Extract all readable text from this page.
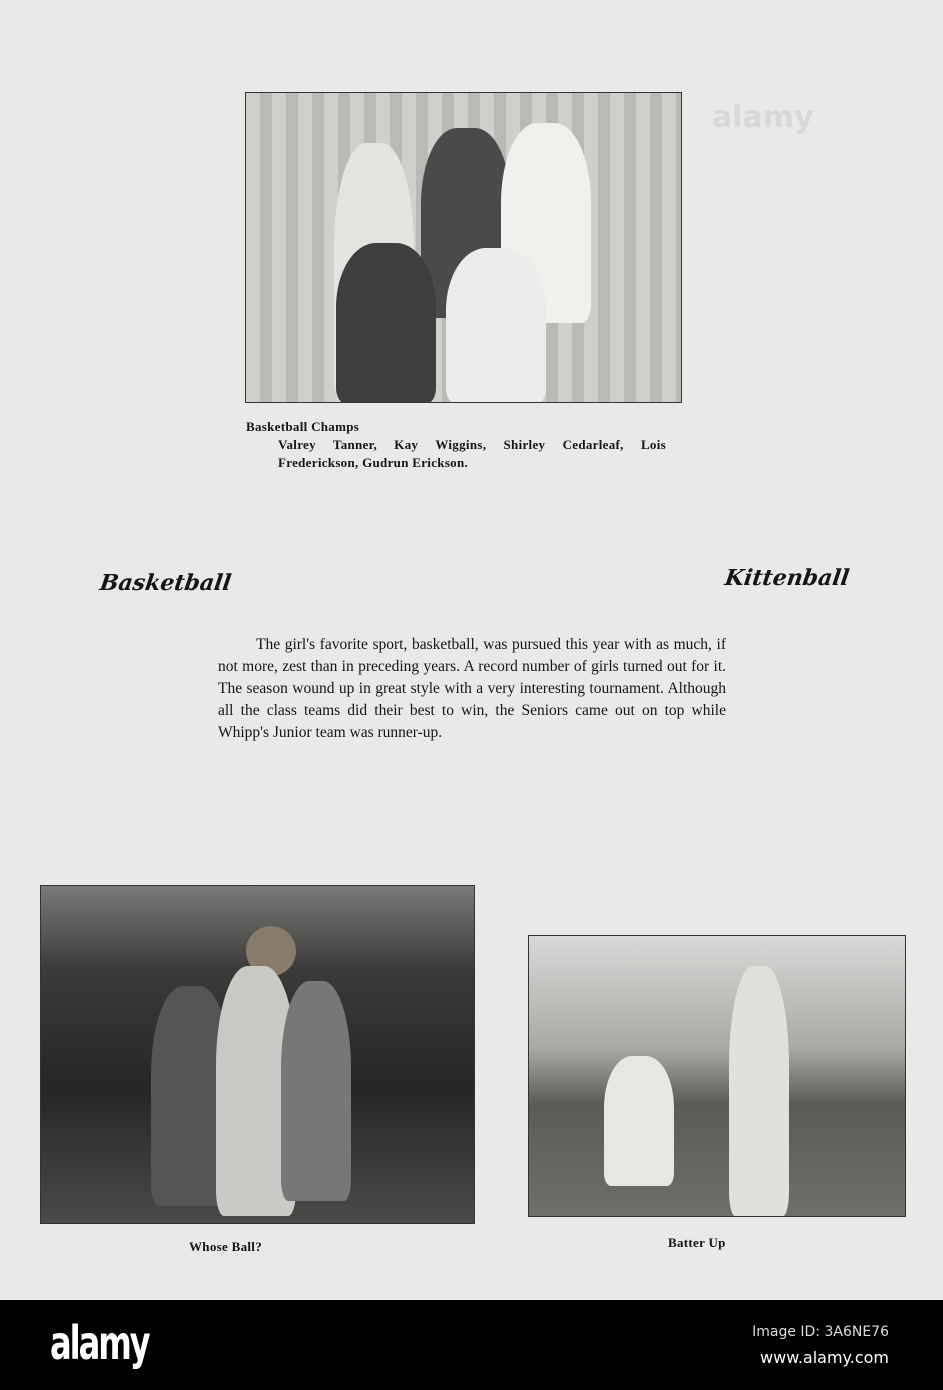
Basketball Champs
Valrey Tanner, Kay Wiggins, Shirley Cedarleaf, Lois Frederickson, Gudrun Erickson.
Basketball	Kittenball
The girl's favorite sport, basketball, was pursued this year with as much, if not more, zest than in preceding years. A record number of girls turned out for it. The season wound up in great style with a very interesting tournament. Although all the class teams did their best to win, the Seniors came out on top while Whipp's Junior team was runner-up.
Whose Ball?	Batter Up
alamy
alamy	Image ID: 3A6NE76
www.alamy.com
